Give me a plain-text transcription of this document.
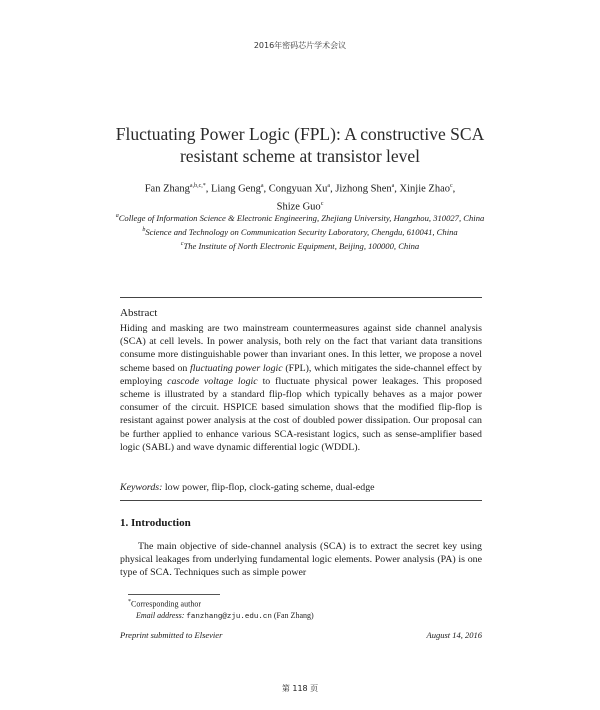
2016年密码芯片学术会议
Fluctuating Power Logic (FPL): A constructive SCA
resistant scheme at transistor level
Fan Zhang$^{a,b,c,*}$, Liang Geng$^a$, Congyuan Xu$^a$, Jizhong Shen$^a$, Xinjie Zhao$^c$,
Shize Guo$^c$
$^a$College of Information Science & Electronic Engineering, Zhejiang University, Hangzhou, 310027, China
$^b$Science and Technology on Communication Security Laboratory, Chengdu, 610041, China
$^c$The Institute of North Electronic Equipment, Beijing, 100000, China
Abstract
Hiding and masking are two mainstream countermeasures against side channel analysis (SCA) at cell levels. In power analysis, both rely on the fact that variant data transitions consume more distinguishable power than invariant ones. In this letter, we propose a novel scheme based on fluctuating power logic (FPL), which mitigates the side-channel effect by employing cascode voltage logic to fluctuate physical power leakages. This proposed scheme is illustrated by a standard flip-flop which typically behaves as a major power consumer of the circuit. HSPICE based simulation shows that the modified flip-flop is resistant against power analysis at the cost of doubled power dissipation. Our proposal can be further applied to enhance various SCA-resistant logics, such as sense-amplifier based logic (SABL) and wave dynamic differential logic (WDDL).
Keywords: low power, flip-flop, clock-gating scheme, dual-edge
1. Introduction
The main objective of side-channel analysis (SCA) is to extract the secret key using physical leakages from underlying fundamental logic elements. Power analysis (PA) is one type of SCA. Techniques such as simple power
*Corresponding author
Email address: fanzhang@zju.edu.cn (Fan Zhang)
Preprint submitted to Elsevier	August 14, 2016
第 118 页
